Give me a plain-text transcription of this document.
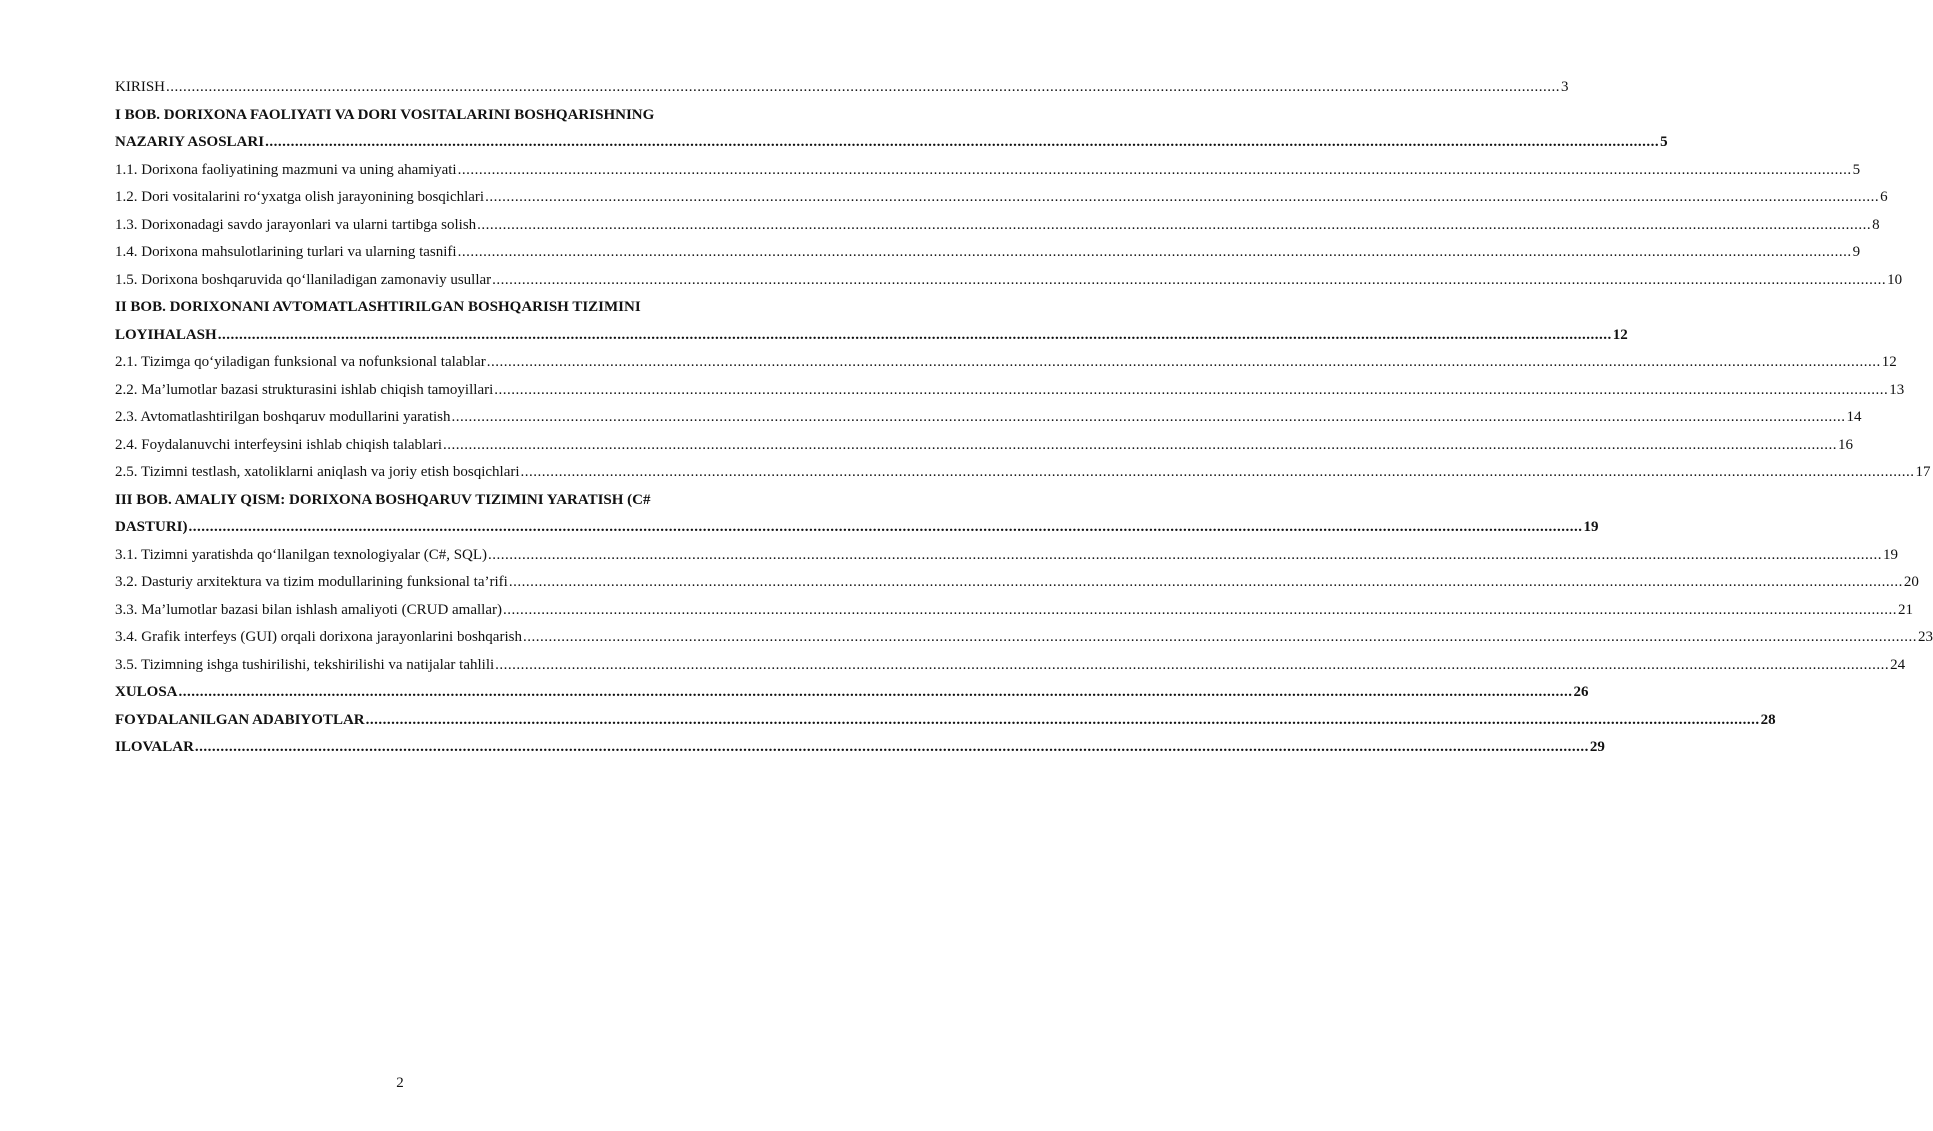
KIRISH .....	3
I BOB. DORIXONA FAOLIYATI VA DORI VOSITALARINI BOSHQARISHNING
NAZARIY ASOSLARI .....	5
1.1. Dorixona faoliyatining mazmuni va uning ahamiyati .....	5
1.2. Dori vositalarini ro‘yxatga olish jarayonining bosqichlari .....	6
1.3. Dorixonadagi savdo jarayonlari va ularni tartibga solish .....	8
1.4. Dorixona mahsulotlarining turlari va ularning tasnifi .....	9
1.5. Dorixona boshqaruvida qo‘llaniladigan zamonaviy usullar .....	10
II BOB. DORIXONANI AVTOMATLASHTIRILGAN BOSHQARISH TIZIMINI
LOYIHALASH .....	12
2.1. Tizimga qo‘yiladigan funksional va nofunksional talablar .....	12
2.2. Ma’lumotlar bazasi strukturasini ishlab chiqish tamoyillari .....	13
2.3. Avtomatlashtirilgan boshqaruv modullarini yaratish .....	14
2.4. Foydalanuvchi interfeysini ishlab chiqish talablari .....	16
2.5. Tizimni testlash, xatoliklarni aniqlash va joriy etish bosqichlari .....	17
III BOB. AMALIY QISM: DORIXONA BOSHQARUV TIZIMINI YARATISH (C#
DASTURI) .....	19
3.1. Tizimni yaratishda qo‘llanilgan texnologiyalar (C#, SQL) .....	19
3.2. Dasturiy arxitektura va tizim modullarining funksional ta’rifi .....	20
3.3. Ma’lumotlar bazasi bilan ishlash amaliyoti (CRUD amallar) .....	21
3.4. Grafik interfeys (GUI) orqali dorixona jarayonlarini boshqarish .....	23
3.5. Tizimning ishga tushirilishi, tekshirilishi va natijalar tahlili .....	24
XULOSA .....	26
FOYDALANILGAN ADABIYOTLAR .....	28
ILOVALAR .....	29
2
